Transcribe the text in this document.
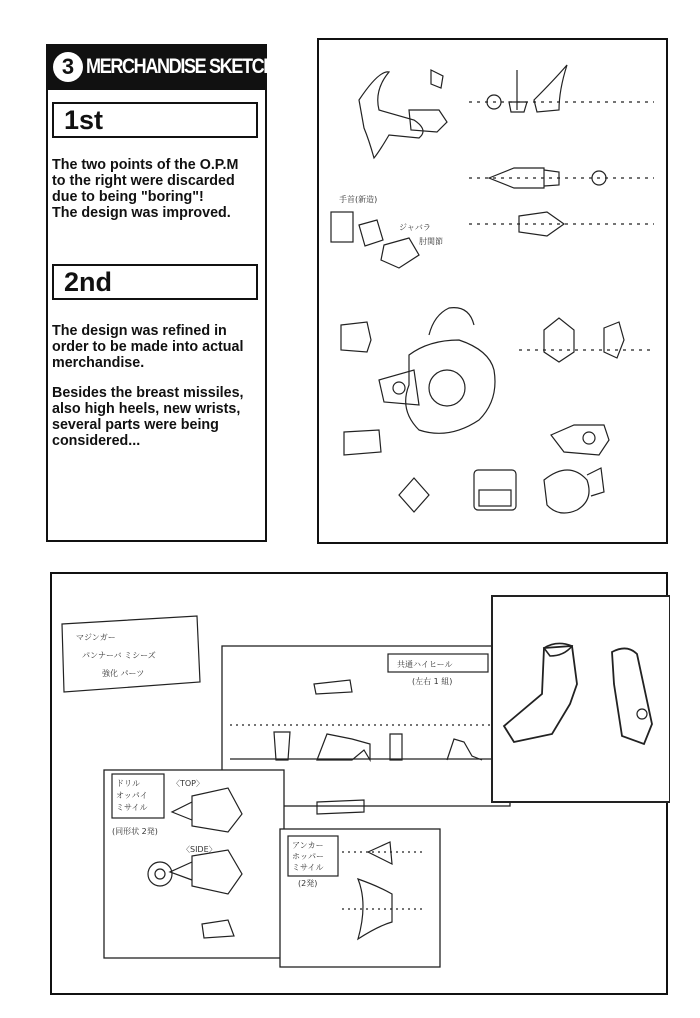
3 MERCHANDISE SKETCHES
1st
The two points of the O.P.M
to the right were discarded
due to being "boring"!
The design was improved.
2nd
The design was refined in
order to be made into actual
merchandise.
Besides the breast missiles,
also high heels, new wrists,
several parts were being
considered...
手首(新造)
ジャバラ
肘関節
マジンガー
パンナーバ ミシーズ
強化 パーツ
共通ハイヒール
(左右 1 組)
ドリル
オッパイ
ミサイル
〈TOP〉
(同形状 2発)
〈SIDE〉	アンカー
ホッパー
ミサイル
(2発)
